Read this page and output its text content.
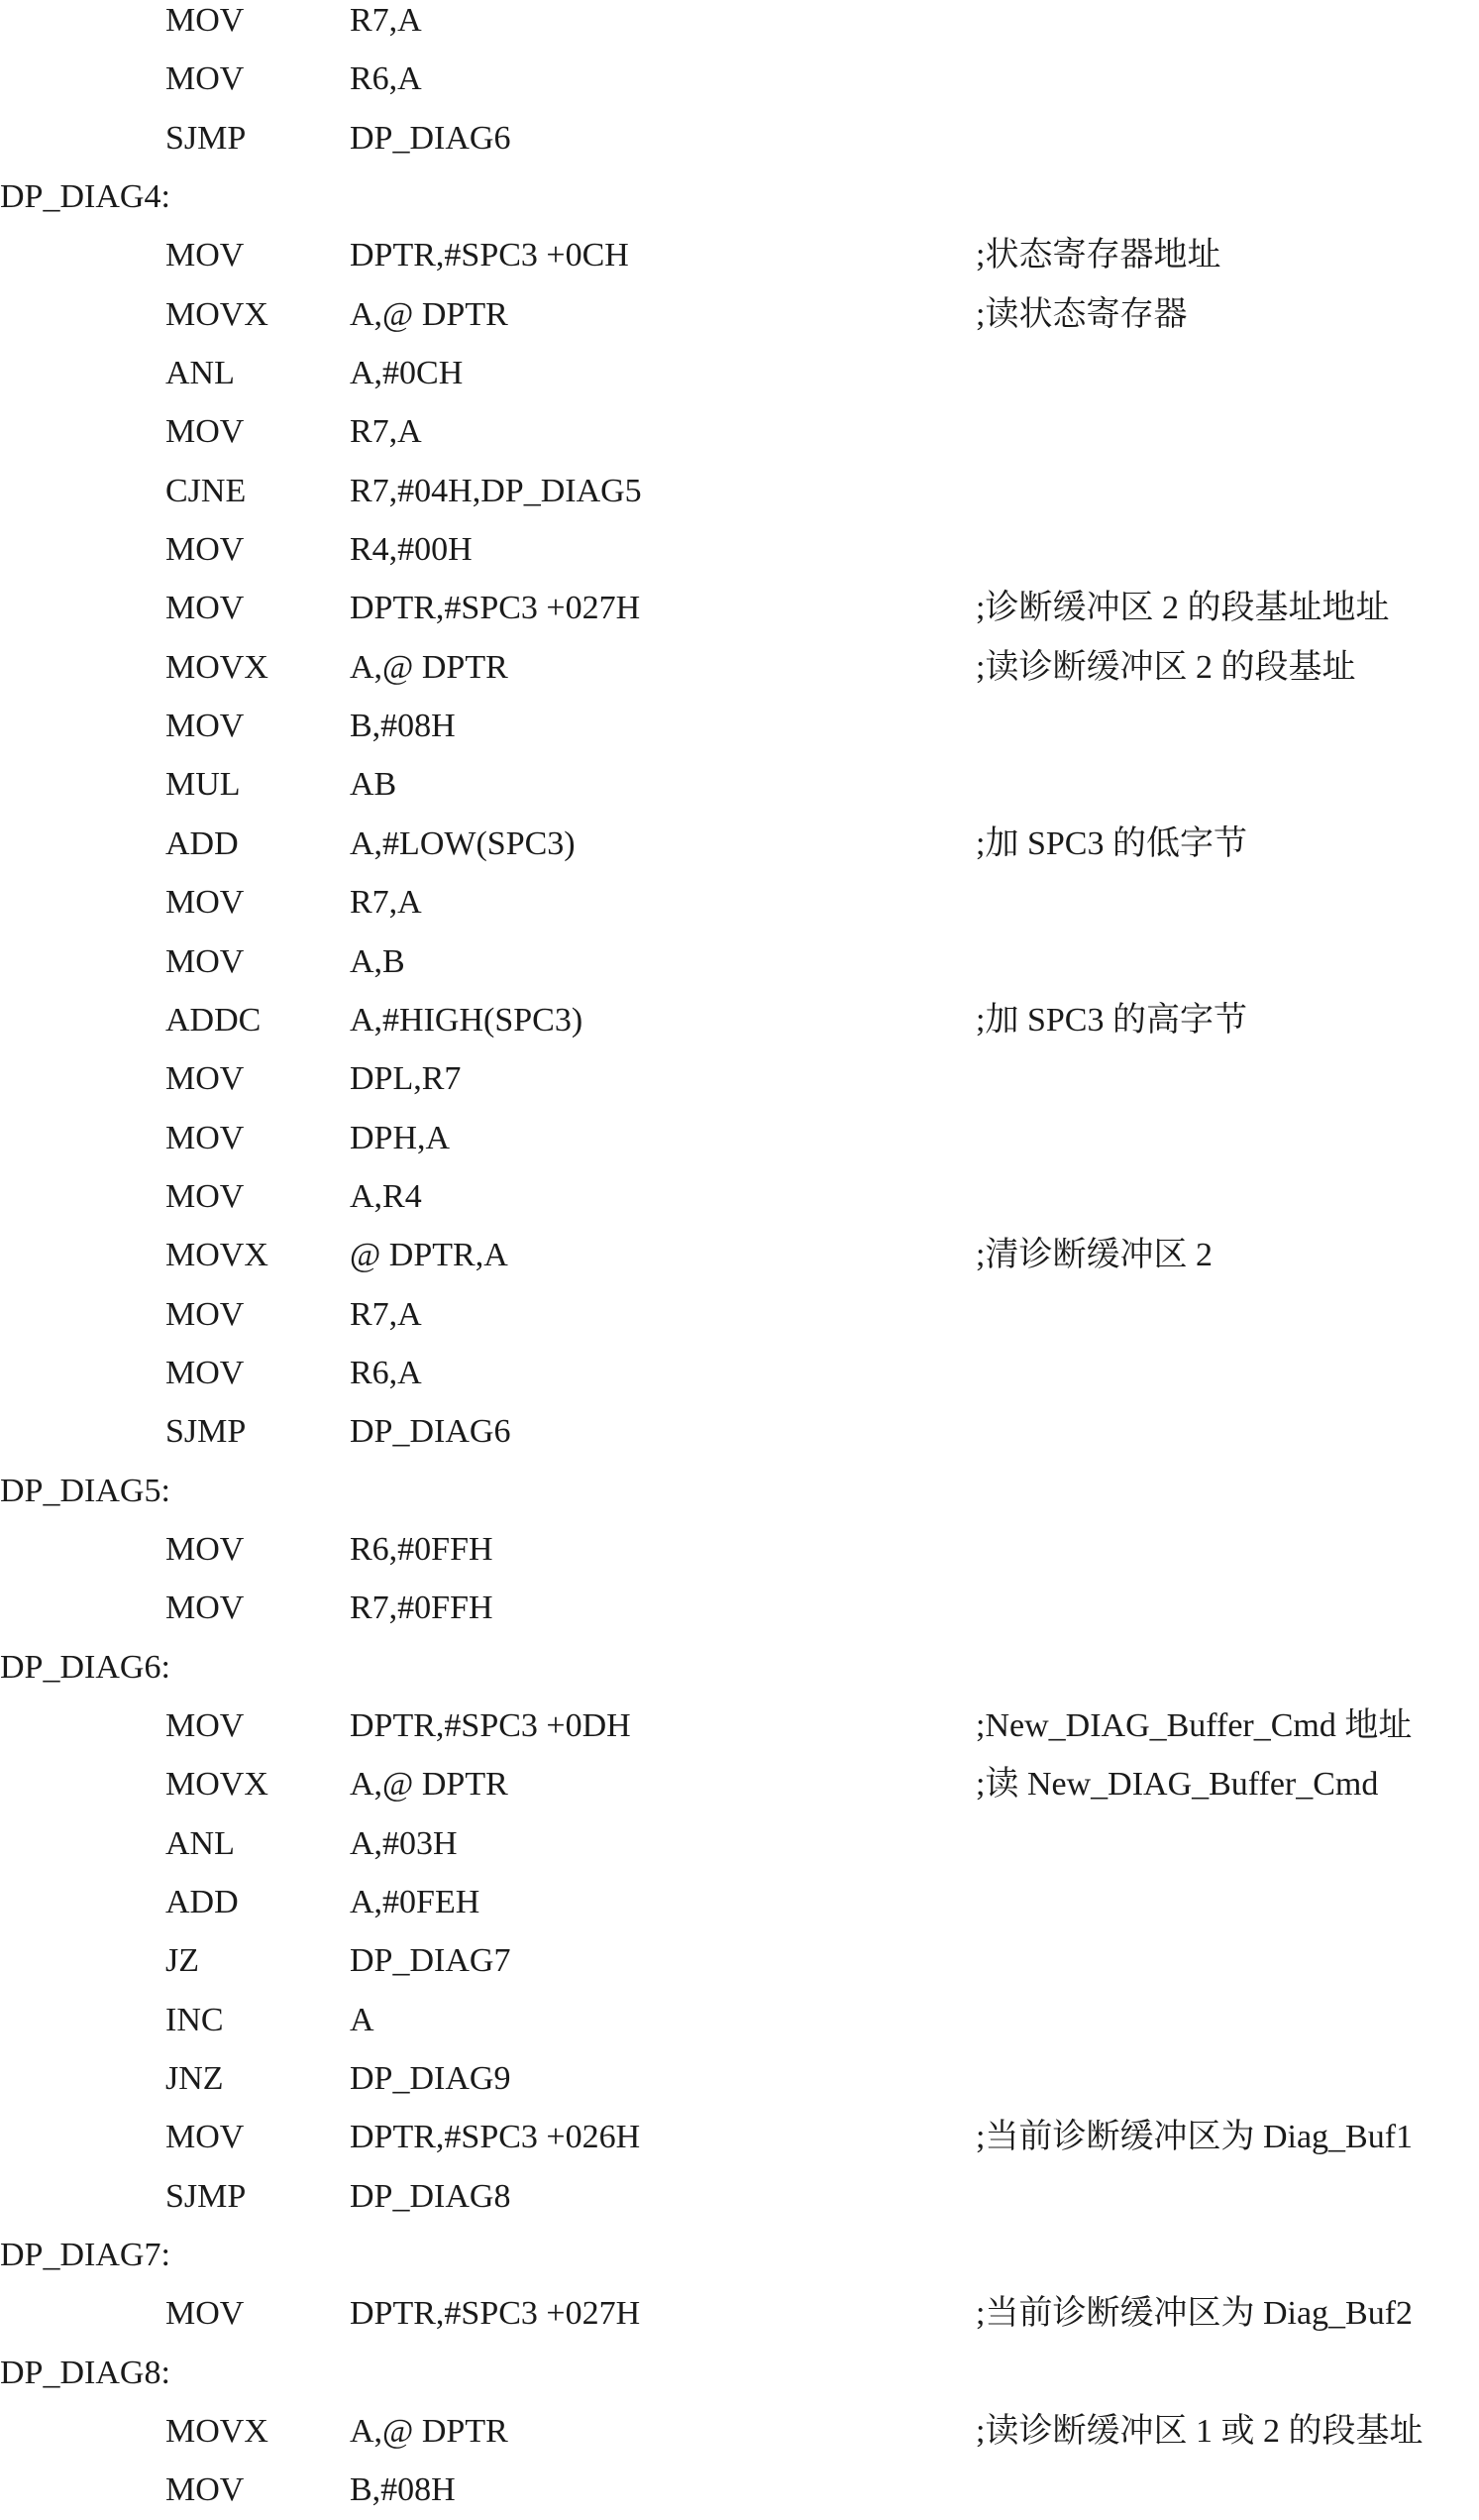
MOV	R7,A
MOV	R6,A
SJMP	DP_DIAG6
DP_DIAG4:
MOV	DPTR,#SPC3 +0CH	;状态寄存器地址
MOVX A,@ DPTR	;读状态寄存器
ANL	A,#0CH
MOV	R7,A
CJNE	R7,#04H,DP_DIAG5
MOV	R4,#00H
MOV	DPTR,#SPC3 +027H	;诊断缓冲区 2 的段基址地址
MOVX A,@ DPTR	;读诊断缓冲区 2 的段基址
MOV	B,#08H
MUL	AB
ADD	A,#LOW(SPC3)	;加 SPC3 的低字节
MOV	R7,A
MOV	A,B
ADDC	A,#HIGH(SPC3)	;加 SPC3 的高字节
MOV	DPL,R7
MOV	DPH,A
MOV	A,R4
MOVX @ DPTR,A	;清诊断缓冲区 2
MOV	R7,A
MOV	R6,A
SJMP	DP_DIAG6
DP_DIAG5:
MOV	R6,#0FFH
MOV	R7,#0FFH
DP_DIAG6:
MOV	DPTR,#SPC3 +0DH	;New_DIAG_Buffer_Cmd 地址
MOVX A,@ DPTR	;读 New_DIAG_Buffer_Cmd
ANL	A,#03H
ADD	A,#0FEH
JZ	DP_DIAG7
INC	A
JNZ	DP_DIAG9
MOV	DPTR,#SPC3 +026H	;当前诊断缓冲区为 Diag_Buf1
SJMP	DP_DIAG8
DP_DIAG7:
MOV	DPTR,#SPC3 +027H	;当前诊断缓冲区为 Diag_Buf2
DP_DIAG8:
MOVX A,@ DPTR	;读诊断缓冲区 1 或 2 的段基址
MOV	B,#08H
